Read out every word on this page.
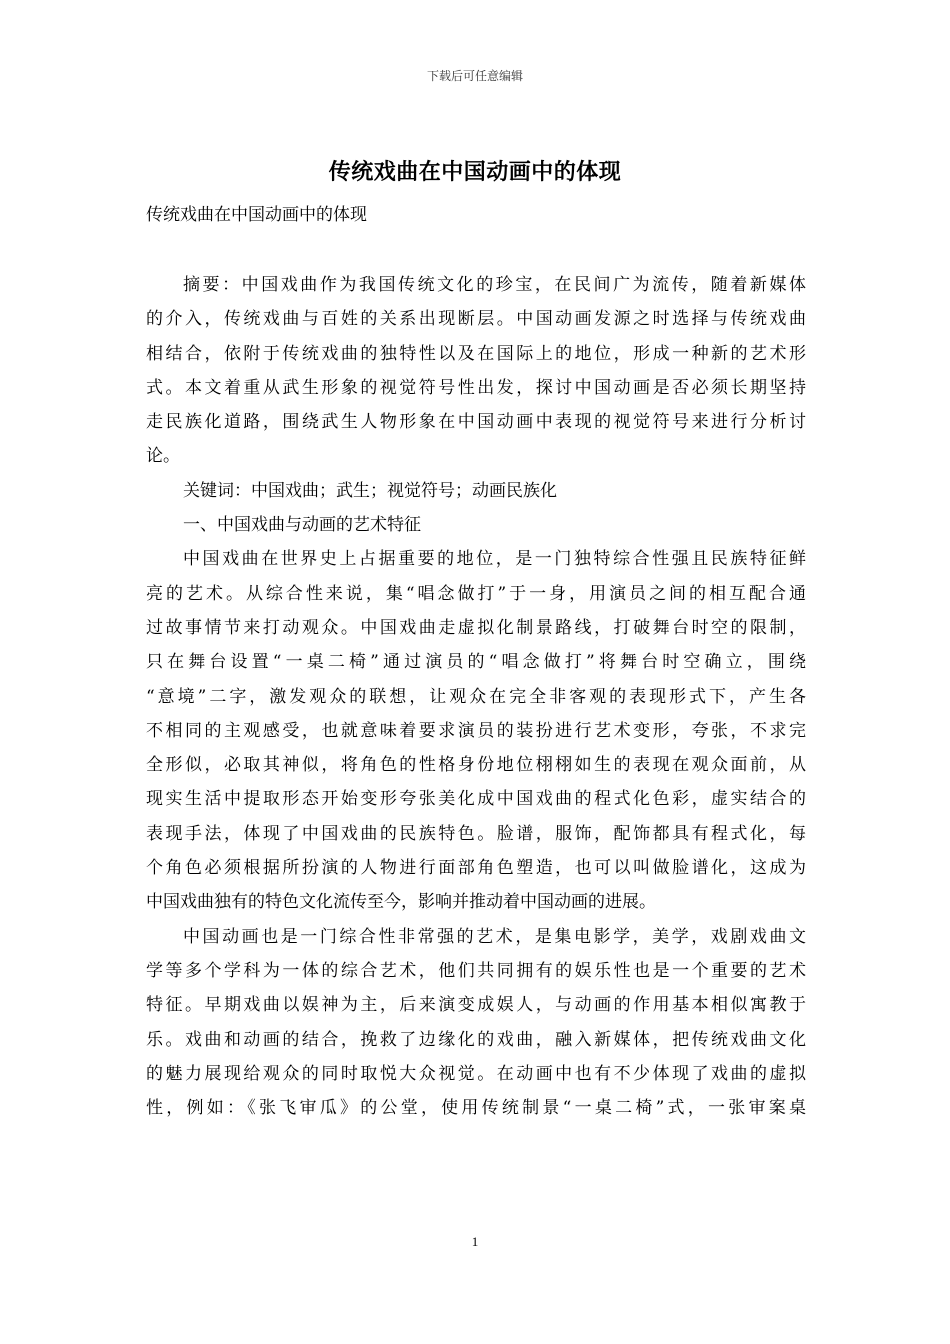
下载后可任意编辑
传统戏曲在中国动画中的体现
传统戏曲在中国动画中的体现
摘要：中国戏曲作为我国传统文化的珍宝，在民间广为流传，随着新媒体
的介入，传统戏曲与百姓的关系出现断层。中国动画发源之时选择与传统戏曲
相结合，依附于传统戏曲的独特性以及在国际上的地位，形成一种新的艺术形
式。本文着重从武生形象的视觉符号性出发，探讨中国动画是否必须长期坚持
走民族化道路，围绕武生人物形象在中国动画中表现的视觉符号来进行分析讨
论。
关键词：中国戏曲；武生；视觉符号；动画民族化
一、中国戏曲与动画的艺术特征
中国戏曲在世界史上占据重要的地位，是一门独特综合性强且民族特征鲜
亮的艺术。从综合性来说，集“唱念做打”于一身，用演员之间的相互配合通
过故事情节来打动观众。中国戏曲走虚拟化制景路线，打破舞台时空的限制，
只在舞台设置“一桌二椅”通过演员的“唱念做打”将舞台时空确立，围绕
“意境”二字，激发观众的联想，让观众在完全非客观的表现形式下，产生各
不相同的主观感受，也就意味着要求演员的装扮进行艺术变形，夸张，不求完
全形似，必取其神似，将角色的性格身份地位栩栩如生的表现在观众面前，从
现实生活中提取形态开始变形夸张美化成中国戏曲的程式化色彩，虚实结合的
表现手法，体现了中国戏曲的民族特色。脸谱，服饰，配饰都具有程式化，每
个角色必须根据所扮演的人物进行面部角色塑造，也可以叫做脸谱化，这成为
中国戏曲独有的特色文化流传至今，影响并推动着中国动画的进展。
中国动画也是一门综合性非常强的艺术，是集电影学，美学，戏剧戏曲文
学等多个学科为一体的综合艺术，他们共同拥有的娱乐性也是一个重要的艺术
特征。早期戏曲以娱神为主，后来演变成娱人，与动画的作用基本相似寓教于
乐。戏曲和动画的结合，挽救了边缘化的戏曲，融入新媒体，把传统戏曲文化
的魅力展现给观众的同时取悦大众视觉。在动画中也有不少体现了戏曲的虚拟
性，例如：《张飞审瓜》的公堂，使用传统制景“一桌二椅”式，一张审案桌
1
